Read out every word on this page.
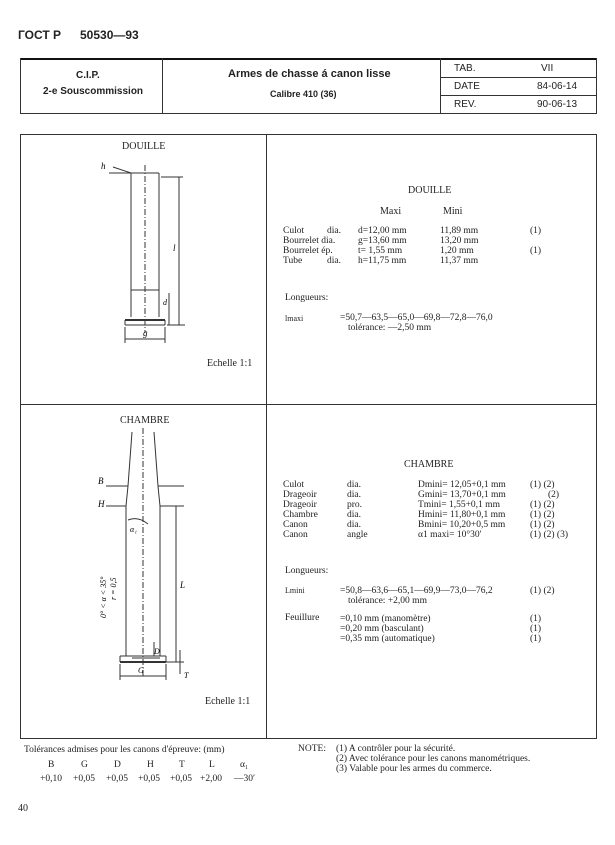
ГОСТ Р 50530—93
C.I.P.
2-e Souscommission
Armes de chasse á canon lisse
Calibre 410 (36)
TAB.	VII
DATE	84-06-14
REV.	90-06-13
DOUILLE
h
l
d
g
Echelle 1:1
DOUILLE
Maxi	Mini
Culot dia. d=12,00 mm	11,89 mm	(1)
Bourrelet dia. g=13,60 mm	13,20 mm
Bourrelet ép.	t= 1,55 mm	1,20 mm	(1)
Tube	dia. h=11,75 mm	11,37 mm
Longueurs:
lmaxi	=50,7—63,5—65,0—69,8—72,8—76,0
tolérance: —2,50 mm
CHAMBRE
B
H
α₁
L
T
G
D
0° < α < 35° r = 0,5
Echelle 1:1
CHAMBRE
Culot	dia.	Dmini= 12,05+0,1 mm	(1) (2)
Drageoir	dia.	Gmini= 13,70+0,1 mm	(2)
Drageoir	pro.	Tmini= 1,55+0,1 mm	(1) (2)
Chambre	dia.	Hmini= 11,80+0,1 mm	(1) (2)
Canon	dia.	Bmini= 10,20+0,5 mm	(1) (2)
Canon	angle	α1 maxi= 10°30′	(1) (2) (3)
Longueurs:
Lmini	=50,8—63,6—65,1—69,9—73,0—76,2	(1) (2)
tolérance: +2,00 mm
Feuillure =0,10 mm (manomètre)	(1)
=0,20 mm (basculant)	(1)
=0,35 mm (automatique)	(1)
Tolérances admises pour les canons d'épreuve: (mm)
B	G	D	H	T	L	α₁
+0,10 +0,05 +0,05 +0,05 +0,05 +2,00 —30′
NOTE: (1) A contrôler pour la sécurité.
(2) Avec tolérance pour les canons manométriques.
(3) Valable pour les armes du commerce.
40
